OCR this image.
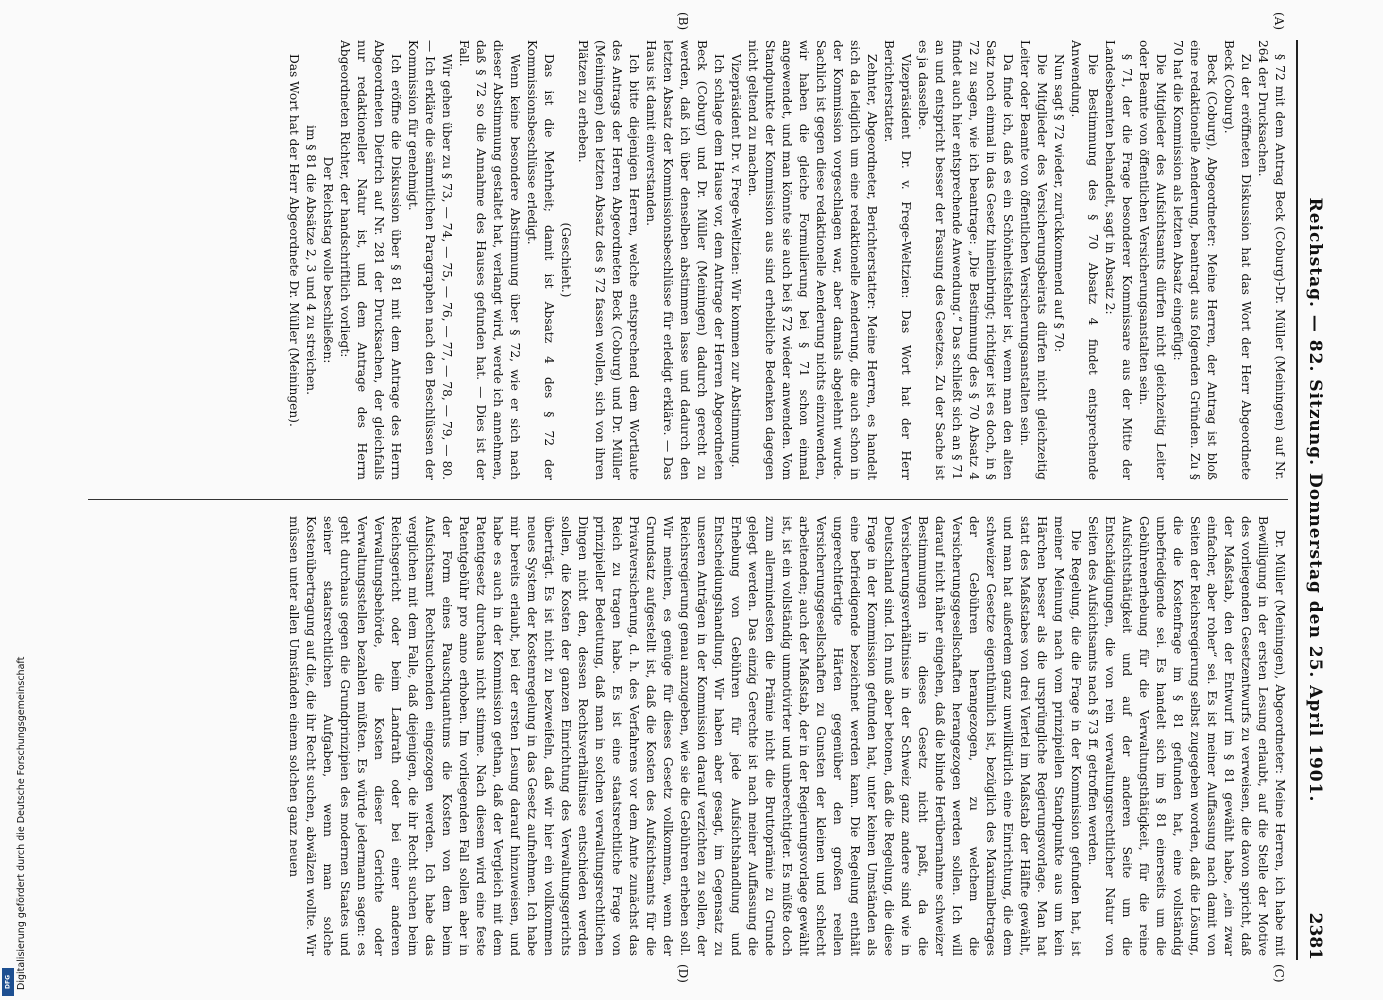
Reichstag. — 82. Sitzung. Donnerstag den 25. April 1901.
2381

§ 72 mit dem Antrag Beck (Coburg)-Dr. Müller (Meiningen) auf Nr. 264 der Drucksachen.

Zu der eröffneten Diskussion hat das Wort der Herr Abgeordnete Beck (Coburg).

Beck (Coburg), Abgeordneter: Meine Herren, der Antrag ist bloß eine redaktionelle Aenderung, beantragt aus folgenden Gründen. Zu § 70 hat die Kommission als letzten Absatz eingefügt:

Die Mitglieder des Aufsichtsamts dürfen nicht gleichzeitig Leiter oder Beamte von öffentlichen Versicherungsanstalten sein.

§ 71, der die Frage besonderer Kommissare aus der Mitte der Landesbeamten behandelt, sagt in Absatz 2:

Die Bestimmung des § 70 Absatz 4 findet entsprechende Anwendung.

Nun sagt § 72 wieder, zurückkommend auf § 70:

Die Mitglieder des Versicherungsbeirats dürfen nicht gleichzeitig Leiter oder Beamte von öffentlichen Versicherungsanstalten sein.

Da finde ich, daß es ein Schönheitsfehler ist, wenn man den alten Satz noch einmal in das Gesetz hineinbringt; richtiger ist es doch, in § 72 zu sagen, wie ich beantrage: „Die Bestimmung des § 70 Absatz 4 findet auch hier entsprechende Anwendung.“ Das schließt sich an § 71 an und entspricht besser der Fassung des Gesetzes. Zu der Sache ist es ja dasselbe.

Vizepräsident Dr. v. Frege-Weltzien: Das Wort hat der Herr Berichterstatter.

Zehnter, Abgeordneter, Berichterstatter: Meine Herren, es handelt sich da lediglich um eine redaktionelle Aenderung, die auch schon in der Kommission vorgeschlagen war, aber damals abgelehnt wurde. Sachlich ist gegen diese redaktionelle Aenderung nichts einzuwenden, wir haben die gleiche Formulierung bei § 71 schon einmal angewendet, und man könnte sie auch bei § 72 wieder anwenden. Vom Standpunkte der Kommission aus sind erhebliche Bedenken dagegen nicht geltend zu machen.

Vizepräsident Dr. v. Frege-Weltzien: Wir kommen zur Abstimmung.

Ich schlage dem Hause vor, dem Antrage der Herren Abgeordneten Beck (Coburg) und Dr. Müller (Meiningen) dadurch gerecht zu werden, daß ich über denselben abstimmen lasse und dadurch den letzten Absatz der Kommissionsbeschlüsse für erledigt erkläre. — Das Haus ist damit einverstanden.

Ich bitte diejenigen Herren, welche entsprechend dem Wortlaute des Antrags der Herren Abgeordneten Beck (Coburg) und Dr. Müller (Meiningen) den letzten Absatz des § 72 fassen wollen, sich von ihren Plätzen zu erheben.

(Geschieht.)

Das ist die Mehrheit; damit ist Absatz 4 des § 72 der Kommissionsbeschlüsse erledigt.

Wenn keine besondere Abstimmung über § 72, wie er sich nach dieser Abstimmung gestaltet hat, verlangt wird, werde ich annehmen, daß § 72 so die Annahme des Hauses gefunden hat. — Dies ist der Fall.

Wir gehen über zu § 73, — 74, — 75, — 76, — 77, — 78, — 79, — 80. — Ich erkläre die sämmtlichen Paragraphen nach den Beschlüssen der Kommission für genehmigt.

Ich eröffne die Diskussion über § 81 mit dem Antrage des Herrn Abgeordneten Dietrich auf Nr. 281 der Drucksachen, der gleichfalls nur redaktioneller Natur ist, und dem Antrage des Herrn Abgeordneten Richter, der handschriftlich vorliegt:

Der Reichstag wolle beschließen:

im § 81 die Absätze 2, 3 und 4 zu streichen.

Das Wort hat der Herr Abgeordnete Dr. Müller (Meiningen).

Dr. Müller (Meiningen), Abgeordneter: Meine Herren, ich habe mit Bewilligung in der ersten Lesung erlaubt, auf die Stelle der Motive des vorliegenden Gesetzentwurfs zu verweisen, die davon spricht, daß der Maßstab, den der Entwurf im § 81 gewählt habe, „ein zwar einfacher, aber roher“ sei. Es ist meiner Auffassung nach damit von Seiten der Reichsregierung selbst zugegeben worden, daß die Lösung, die die Kostenfrage im § 81 gefunden hat, eine vollständig unbefriedigende sei. Es handelt sich im § 81 einerseits um die Gebührenerhebung für die Verwaltungsthätigkeit, für die reine Aufsichtsthätigkeit und auf der anderen Seite um die Entschädigungen, die von rein verwaltungsrechtlicher Natur von Seiten des Aufsichtsamts nach § 73 ff. getroffen werden.

Die Regelung, die die Frage in der Kommission gefunden hat, ist meiner Meinung nach vom prinzipiellen Standpunkte aus um kein Härchen besser als die ursprüngliche Regierungsvorlage. Man hat statt des Maßstabes von drei Viertel im Maßstab der Hälfte gewählt, und man hat außerdem ganz unwillkürlich eine Einrichtung, die dem schweizer Gesetze eigenthümlich ist, bezüglich des Maximalbetrages der Gebühren herangezogen, zu welchem die Versicherungsgesellschaften herangezogen werden sollen. Ich will darauf nicht näher eingehen, daß die blinde Herübernahme schweizer Bestimmungen in dieses Gesetz nicht paßt, da die Versicherungsverhältnisse in der Schweiz ganz andere sind wie in Deutschland sind. Ich muß aber betonen, daß die Regelung, die diese Frage in der Kommission gefunden hat, unter keinen Umständen als eine befriedigende bezeichnet werden kann. Die Regelung enthält ungerechtfertigte Härten gegenüber den großen reellen Versicherungsgesellschaften zu Gunsten der kleinen und schlecht arbeitenden; auch der Maßstab, der in der Regierungsvorlage gewählt ist, ist ein vollständig unmotivirter und unberechtigter. Es müßte doch zum allermindesten die Prämie nicht die Bruttoprämie zu Grunde gelegt werden. Das einzig Gerechte ist nach meiner Auffassung die Erhebung von Gebühren für jede Aufsichtshandlung und Entscheidungshandlung. Wir haben aber gesagt, im Gegensatz zu unseren Anträgen in der Kommission darauf verzichten zu sollen, der Reichsregierung genau anzugeben, wie sie die Gebühren erheben soll. Wir meinten, es genüge für dieses Gesetz vollkommen, wenn der Grundsatz aufgestellt ist, daß die Kosten des Aufsichtsamts für die Privatversicherung, d. h. des Verfahrens vor dem Amte zunächst das Reich zu tragen habe. Es ist eine staatsrechtliche Frage von prinzipieller Bedeutung, daß man in solchen verwaltungsrechtlichen Dingen nicht den, dessen Rechtsverhältnisse entschieden werden sollen, die Kosten der ganzen Einrichtung des Verwaltungsgerichts überträgt. Es ist nicht zu bezweifeln, daß wir hier ein vollkommen neues System der Kostenregelung in das Gesetz aufnehmen. Ich habe mir bereits erlaubt, bei der ersten Lesung darauf hinzuweisen, und habe es auch in der Kommission gethan, daß der Vergleich mit dem Patentgesetz durchaus nicht stimme. Nach diesem wird eine feste Patentgebühr pro anno erhoben. Im vorliegenden Fall sollen aber in der Form eines Pauschquantums die Kosten von dem beim Aufsichtsamt Rechtsuchenden eingezogen werden. Ich habe das verglichen mit dem Falle, daß diejenigen, die ihr Recht suchen beim Reichsgericht oder beim Landrath oder bei einer anderen Verwaltungsbehörde, die Kosten dieser Gerichte oder Verwaltungsstellen bezahlen müßten. Es würde jedermann sagen: es geht durchaus gegen die Grundprinzipien des modernen Staates und seiner staatsrechtlichen Aufgaben, wenn man solche Kostenübertragung auf die, die ihr Recht suchen, abwälzen wollte. Wir müssen unter allen Umständen einem solchen ganz neuen

(A)
(B)
(C)
(D)
Digitalisierung gefördert durch die Deutsche Forschungsgemeinschaft
DFG
